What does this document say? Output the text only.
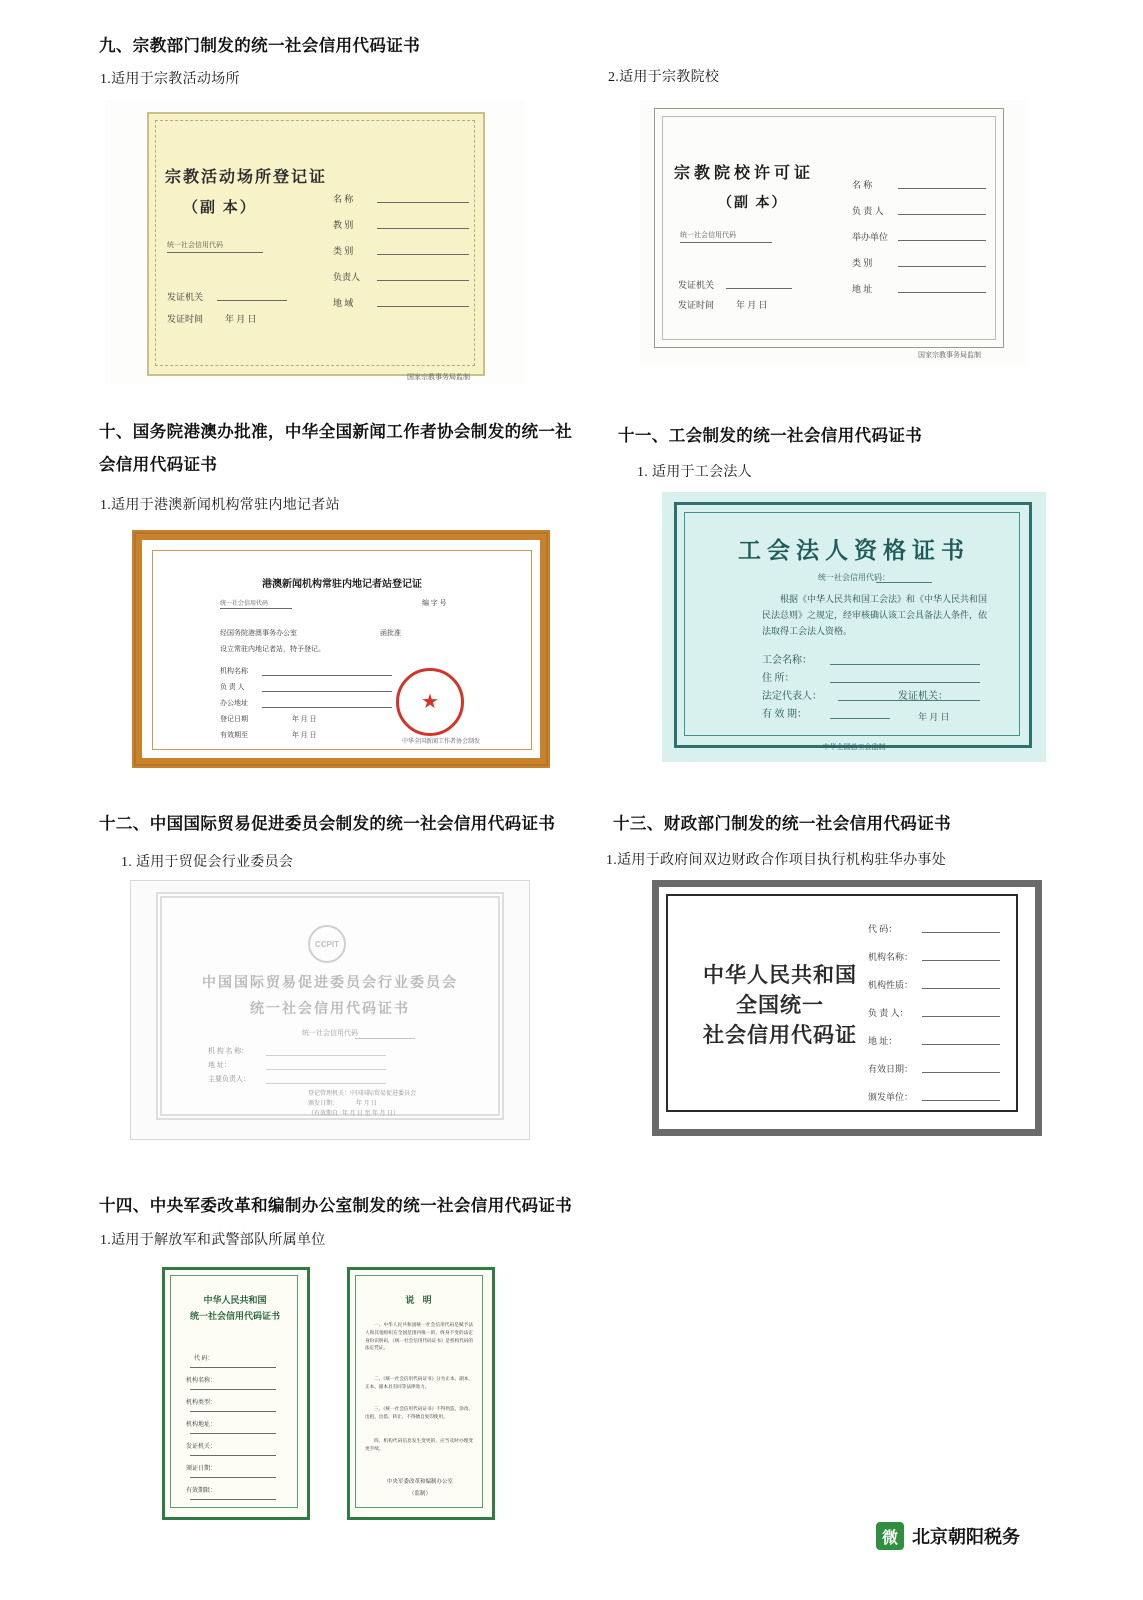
九、宗教部门制发的统一社会信用代码证书
1.适用于宗教活动场所	2.适用于宗教院校
宗教活动场所登记证
（副 本）
统一社会信用代码
发证机关
发证时间 年 月 日
名 称
教 别
类 别
负责人
地 域
国家宗教事务局监制
宗教院校许可证
（副 本）
统一社会信用代码
发证机关
发证时间 年 月 日
名 称
负 责 人
举办单位
类 别
地 址
国家宗教事务局监制
十、国务院港澳办批准，中华全国新闻工作者协会制发的统一社
会信用代码证书
1.适用于港澳新闻机构常驻内地记者站
港澳新闻机构常驻内地记者站登记证
统一社会信用代码	编 字 号
经国务院港澳事务办公室	函批准
设立常驻内地记者站，特予登记。
机构名称
负 责 人
办公地址
登记日期	年 月 日
有效期至	年 月 日
★
中华全国新闻工作者协会制发
十一、工会制发的统一社会信用代码证书
1. 适用于工会法人
工会法人资格证书
统一社会信用代码：
根据《中华人民共和国工会法》和《中华人民共和国民法总则》之规定，经审核确认该工会具备法人条件，依法取得工会法人资格。
工会名称：
住 所：
法定代表人：
有 效 期：
发证机关：
年 月 日
中华全国总工会监制
十二、中国国际贸易促进委员会制发的统一社会信用代码证书
1. 适用于贸促会行业委员会
CCPIT
中国国际贸易促进委员会行业委员会
统一社会信用代码证书
统一社会信用代码
机 构 名 称：
地 址：
主要负责人：
登记管理机关：中国国际贸易促进委员会
颁发日期：	年 月 日
（有效期自 年 月 日 至 年 月 日）
十三、财政部门制发的统一社会信用代码证书
1.适用于政府间双边财政合作项目执行机构驻华办事处
中华人民共和国
全国统一
社会信用代码证
代 码：
机构名称：
机构性质：
负 责 人：
地 址：
有效日期：
颁发单位：
十四、中央军委改革和编制办公室制发的统一社会信用代码证书
1.适用于解放军和武警部队所属单位
中华人民共和国
统一社会信用代码证书
代 码：
机构名称：
机构类型：
机构地址：
发证机关：
颁证日期：
有效期限：
说 明
一、中华人民共和国统一社会信用代码是赋予法人和其他组织在全国范围内唯一的、终身不变的法定身份识别码，《统一社会信用代码证书》是机构代码的法定凭证。
二、《统一社会信用代码证书》分为正本、副本，正本、副本具有同等法律效力。
三、《统一社会信用代码证书》不得伪造、涂改、出租、出借、转让，不得擅自复印使用。
四、机构代码信息发生变更的，应当及时办理变更手续。
中央军委改革和编制办公室
（监制）
微 北京朝阳税务
